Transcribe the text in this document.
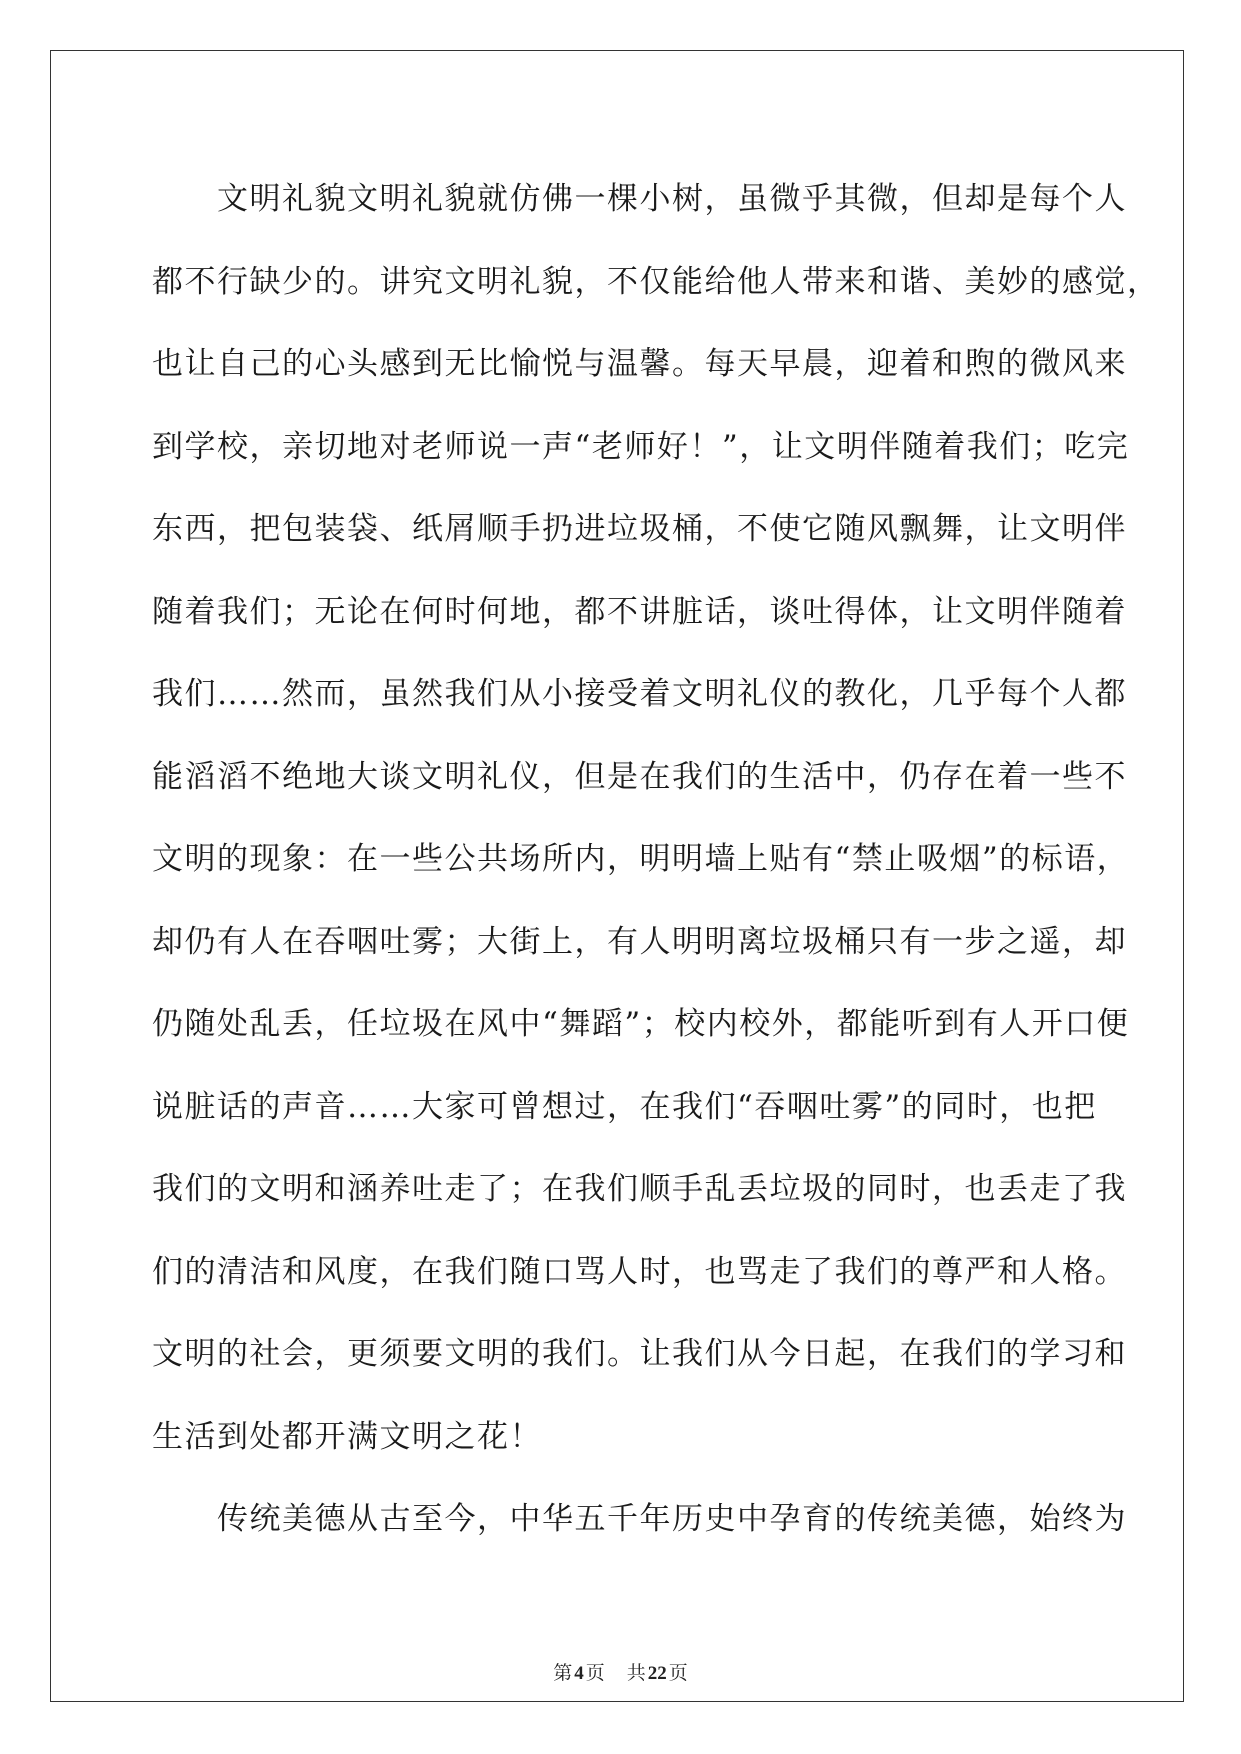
　　文明礼貌文明礼貌就仿佛一棵小树，虽微乎其微，但却是每个人

都不行缺少的。讲究文明礼貌，不仅能给他人带来和谐、美妙的感觉，

也让自己的心头感到无比愉悦与温馨。每天早晨，迎着和煦的微风来

到学校，亲切地对老师说一声“老师好！”，让文明伴随着我们；吃完

东西，把包装袋、纸屑顺手扔进垃圾桶，不使它随风飘舞，让文明伴

随着我们；无论在何时何地，都不讲脏话，谈吐得体，让文明伴随着

我们……然而，虽然我们从小接受着文明礼仪的教化，几乎每个人都

能滔滔不绝地大谈文明礼仪，但是在我们的生活中，仍存在着一些不

文明的现象：在一些公共场所内，明明墙上贴有“禁止吸烟”的标语，

却仍有人在吞咽吐雾；大街上，有人明明离垃圾桶只有一步之遥，却

仍随处乱丢，任垃圾在风中“舞蹈”；校内校外，都能听到有人开口便

说脏话的声音……大家可曾想过，在我们“吞咽吐雾”的同时，也把

我们的文明和涵养吐走了；在我们顺手乱丢垃圾的同时，也丢走了我

们的清洁和风度，在我们随口骂人时，也骂走了我们的尊严和人格。

文明的社会，更须要文明的我们。让我们从今日起，在我们的学习和

生活到处都开满文明之花！

　　传统美德从古至今，中华五千年历史中孕育的传统美德，始终为

第 4 页 共 22 页
